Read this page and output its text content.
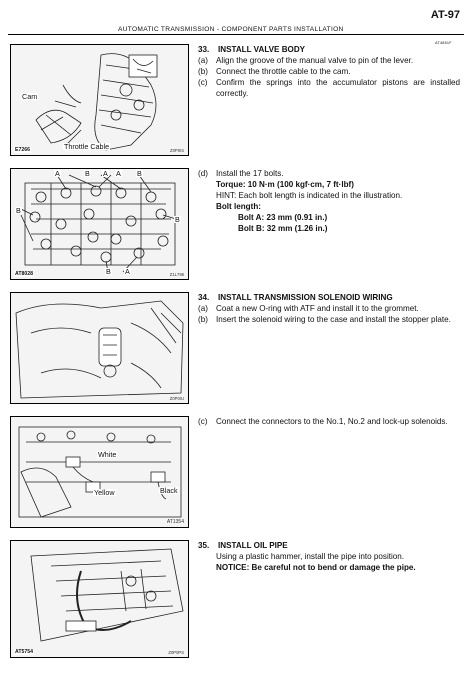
AUTOMATIC TRANSMISSION - COMPONENT PARTS INSTALLATION
AT-97
AT4851F
Cam
Throttle Cable
E7266	Z0P0IS
A	B A A B
B
B
B A
AT8028	Z1L798
Z0P0IU
White
Yellow	Black
AT1354
AT5754	Z0P0PS
33. INSTALL VALVE BODY
(a) Align the groove of the manual valve to pin of the lever.
(b) Connect the throttle cable to the cam.
(c)	Confirm the springs into the accumulator pistons are installed correctly.
(d) Install the 17 bolts.
Torque: 10 N·m (100 kgf·cm, 7 ft·lbf)
HINT: Each bolt length is indicated in the illustration.
Bolt length:
Bolt A: 23 mm (0.91 in.)
Bolt B: 32 mm (1.26 in.)
34. INSTALL TRANSMISSION SOLENOID WIRING
(a) Coat a new O-ring with ATF and install it to the grommet.
(b) Insert the solenoid wiring to the case and install the stopper plate.
(c)	Connect the connectors to the No.1, No.2 and lock-up solenoids.
35. INSTALL OIL PIPE
Using a plastic hammer, install the pipe into position.
NOTICE: Be careful not to bend or damage the pipe.
